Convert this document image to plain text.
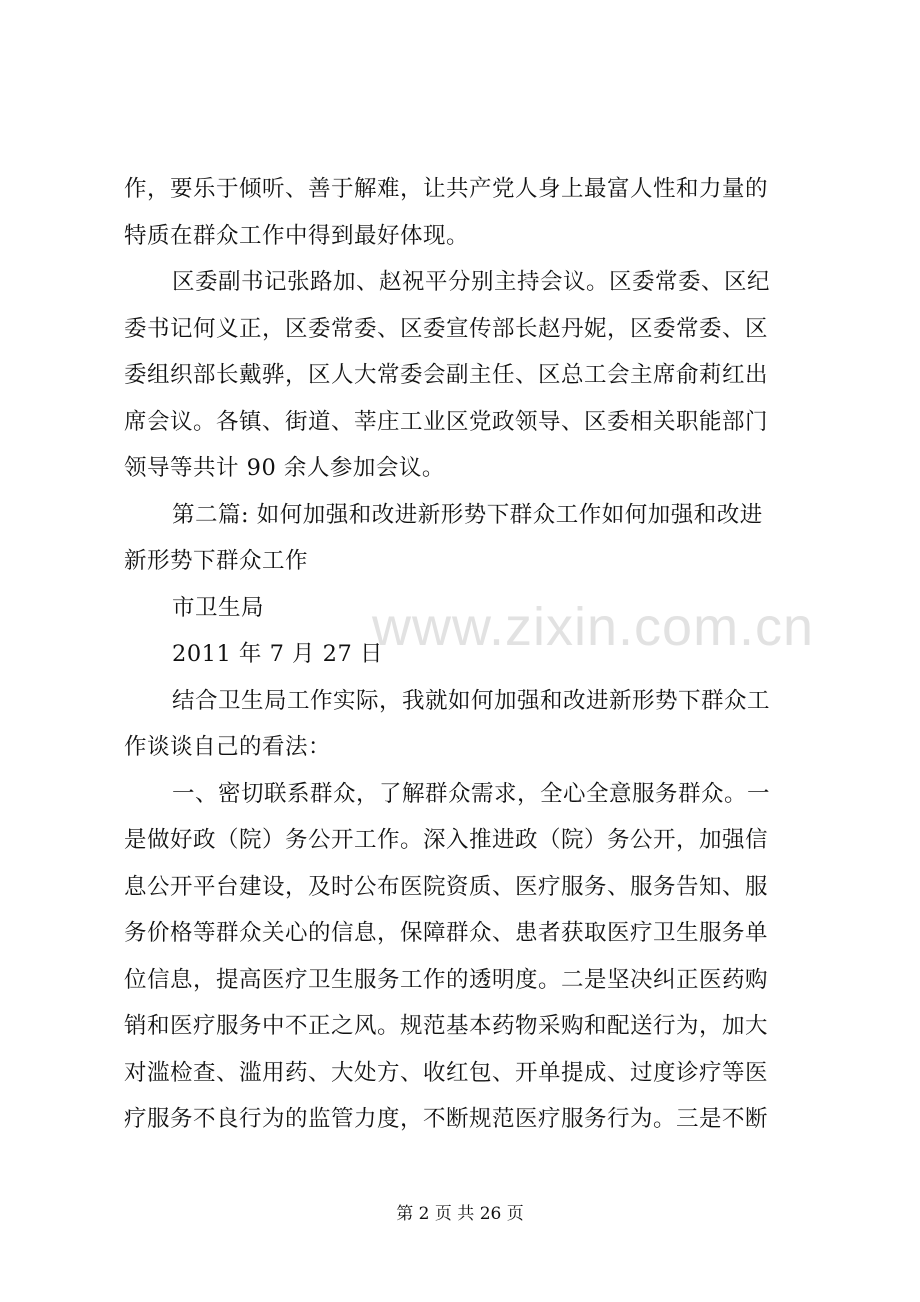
作，要乐于倾听、善于解难，让共产党人身上最富人性和力量的
特质在群众工作中得到最好体现。
区委副书记张路加、赵祝平分别主持会议。区委常委、区纪
委书记何义正，区委常委、区委宣传部长赵丹妮，区委常委、区
委组织部长戴骅，区人大常委会副主任、区总工会主席俞莉红出
席会议。各镇、街道、莘庄工业区党政领导、区委相关职能部门
领导等共计 90 余人参加会议。
第二篇: 如何加强和改进新形势下群众工作如何加强和改进
新形势下群众工作
市卫生局
2011 年 7 月 27 日
结合卫生局工作实际，我就如何加强和改进新形势下群众工
作谈谈自己的看法：
一、密切联系群众，了解群众需求，全心全意服务群众。一
是做好政（院）务公开工作。深入推进政（院）务公开，加强信
息公开平台建设，及时公布医院资质、医疗服务、服务告知、服
务价格等群众关心的信息，保障群众、患者获取医疗卫生服务单
位信息，提高医疗卫生服务工作的透明度。二是坚决纠正医药购
销和医疗服务中不正之风。规范基本药物采购和配送行为，加大
对滥检查、滥用药、大处方、收红包、开单提成、过度诊疗等医
疗服务不良行为的监管力度，不断规范医疗服务行为。三是不断
www.zixin.com.cn
第 2 页 共 26 页
